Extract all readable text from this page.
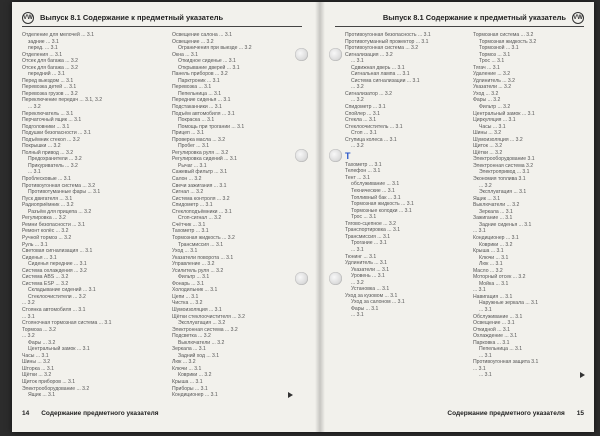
VW Выпуск 8.1 Содержание к предметный указатель
Отделение для мелочей ... 3.1
задние ... 3.1
перед. ... 3.1
Отделения ... 3.1
Отсек для багажа ... 3.2
Отсек для багажа ... 3.2
передний ... 3.1
Перед выездом ... 3.1
Перевозка детей ... 3.1
Перевозка грузов ... 3.2
Переключение передач ... 3.1, 3.2
... 3.2
Переключатель ... 3.1
Перчаточный ящик ... 3.1
Подголовники ... 3.1
Подушки безопасности ... 3.1
Подъёмник стекол ... 3.2
Покрышки ... 3.2
Полный привод ... 3.2
Предохранители ... 3.2
Прикуриватель ... 3.2
... 3.1
Проблесковые ... 3.1
Противоугонная система ... 3.2
Противотуманные фары ... 3.1
Пуск двигателя ... 3.1
Радиоприёмник ... 3.2
Разъём для прицепа ... 3.2
Регулировка ... 3.2
Ремни безопасности ... 3.1
Ремонт колёс ... 3.2
Ручной тормоз ... 3.2
Руль ... 3.1
Световая сигнализация ... 3.1
Сиденья ... 3.1
Сиденья передние ... 3.1
Система охлаждения ... 3.2
Система ABS ... 3.2
Система ESP ... 3.2
Складывание сидений ... 3.1
Стеклоочистители ... 3.2
... 3.2
Стоянка автомобиля ... 3.1
... 3.1
Стояночная тормозная система ... 3.1
Тормоза ... 3.2
... 3.2
Фары ... 3.2
Центральный замок ... 3.1
Часы ... 3.1
Шины ... 3.2
Шторка ... 3.1
Щётки ... 3.2
Щиток приборов ... 3.1
Электрооборудование ... 3.2
Ящик ... 3.1
Освещение салона ... 3.1
Освещение ... 3.2
Ограничения при выезде ... 3.2
Окна ... 3.1
Откидное сиденье ... 3.1
Открывание дверей ... 3.1
Панель приборов ... 3.2
Парктроник ... 3.1
Перевозка ... 3.1
Пепельница ... 3.1
Передние сиденья ... 3.1
Подстаканники ... 3.1
Подъём автомобиля ... 3.1
Покраска ... 3.1
Помощь при трогании ... 3.1
Прицеп ... 3.1
Проверка масла ... 3.2
Пробег ... 3.1
Регулировка руля ... 3.2
Регулировка сидений ... 3.1
Рычаг ... 3.1
Сажевый фильтр ... 3.1
Салон ... 3.2
Свечи зажигания ... 3.1
Сигнал ... 3.2
Система контроля ... 3.2
Спидометр ... 3.1
Стеклоподъёмники ... 3.1
Стоп-сигнал ... 3.2
Счётчик ... 3.1
Тахометр ... 3.1
Тормозная жидкость ... 3.2
Трансмиссия ... 3.1
Уход ... 3.1
Указатели поворота ... 3.1
Управление ... 3.2
Усилитель руля ... 3.2
Фильтр ... 3.1
Фонарь ... 3.1
Холодильник ... 3.1
Цепи ... 3.1
Чистка ... 3.2
Шумоизоляция ... 3.1
Щётки стеклоочистителя ... 3.2
Эксплуатация ... 3.2
Электронная система ... 3.2
Подсветка ... 3.2
Выключатели ... 3.2
Зеркала ... 3.1
Задний ход ... 3.1
Люк ... 3.2
Ключи ... 3.1
Коврики ... 3.2
Крыша ... 3.1
Приборы ... 3.1
Кондиционер ... 3.1
14 Содержание предметного указателя
Выпуск 8.1 Содержание к предметный указатель VW
Противоугонная безопасность ... 3.1
Противотуманный прожектор ... 3.1
Противоугонная система ... 3.2
Сигнализация ... 3.2
... 3.1
Сдвижная дверь ... 3.1
Сигнальная лампа ... 3.1
Система сигнализации ... 3.1
... 3.2
Сигнализатор ... 3.2
... 3.2
Спидометр ... 3.1
Спойлер ... 3.1
Стекла ... 3.1
Стеклоочиститель ... 3.1
Стоп ... 3.1
Ступица колеса ... 3.1
... 3.2
Т
Тахометр ... 3.1
Телефон ... 3.1
Тент ... 3.1
обслуживание ... 3.1
Технические ... 3.1
Топливный бак ... 3.1
Тормозная жидкость ... 3.1
Тормозные колодки ... 3.1
Трос ... 3.1
Тягово-сцепное ... 3.2
Транспортировка ... 3.1
Трансмиссия ... 3.1
Трогание ... 3.1
... 3.1
Тюнинг ... 3.1
Удлинитель ... 3.1
Указатели ... 3.1
Уровень ... 3.1
... 3.2
Установка ... 3.1
Уход за кузовом ... 3.1
Уход за салоном ... 3.1
Фары ... 3.1
... 3.1
Тормозная система ... 3.2
Тормозная жидкость 3.2
Тормозной ... 3.1
Тормоз ... 3.1
Трос ... 3.1
Тягач ... 3.1
Удаление ... 3.2
Удлинитель ... 3.2
Указатели ... 3.2
Уход ... 3.2
Фары ... 3.2
Фильтр ... 3.2
Центральный замок ... 3.1
Циркуляция ... 3.1
Часы ... 3.1
Шины ... 3.2
Шумоизоляция ... 3.2
Щиток ... 3.2
Щётки ... 3.2
Электрооборудование 3.1
Электронная система 3.2
Электропривод ... 3.1
Экономия топлива 3.1
... 3.2
Эксплуатация ... 3.1
Ящик ... 3.1
Выключатели ... 3.2
Зеркала ... 3.1
Зажигание ... 3.1
Задние сиденья ... 3.1
... 3.1
Кондиционер ... 3.1
Коврики ... 3.2
Крыша ... 3.1
Ключи ... 3.1
Люк ... 3.1
Масло ... 3.2
Моторный отсек ... 3.2
Мойка ... 3.1
... 3.1
Навигация ... 3.1
Наружные зеркала ... 3.1
... 3.1
Обслуживание ... 3.1
Освещение ... 3.1
Откидной ... 3.1
Охлаждение ... 3.1
Парковка ... 3.1
Пепельница ... 3.1
... 3.1
Противоугонная защита 3.1
... 3.1
... 3.1
Содержание предметного указателя 15
